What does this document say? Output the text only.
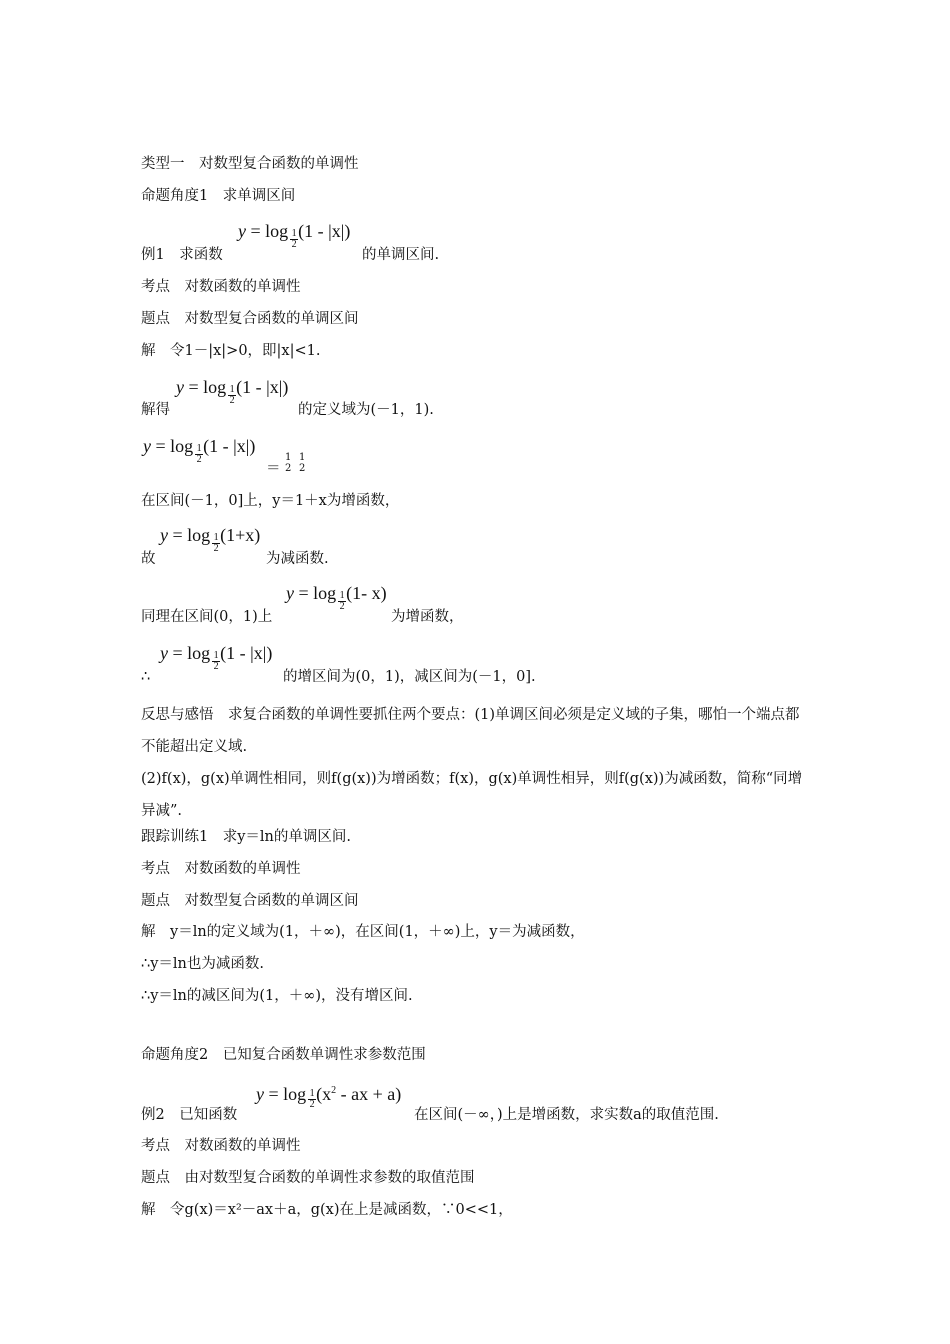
类型一　对数型复合函数的单调性

命题角度1　求单调区间

$y = \log \frac{1}{2} (1 - |x|)$

例1　求函数	的单调区间.

考点　对数函数的单调性

题点　对数型复合函数的单调区间

解　令1－|x|>0，即|x|<1.

$y = \log \frac{1}{2} (1 - |x|)$

解得	的定义域为(－1，1).

$y = \log \frac{1}{2} (1 - |x|)$

＝

1
2
1
2

在区间(－1，0]上，y＝1＋x为增函数，

$y = \log \frac{1}{2} (1+x)$

故	为减函数.

$y = \log \frac{1}{2} (1-$ x)

同理在区间(0，1)上	为增函数，

$y = \log \frac{1}{2} (1 - |x|)$

∴	的增区间为(0，1)，减区间为(－1，0].

反思与感悟　求复合函数的单调性要抓住两个要点：(1)单调区间必须是定义域的子集，哪怕一个端点都不能超出定义域.

(2)f(x)，g(x)单调性相同，则f(g(x))为增函数；f(x)，g(x)单调性相异，则f(g(x))为减函数，简称“同增异减”.

跟踪训练1　求y＝ln的单调区间.

考点　对数函数的单调性

题点　对数型复合函数的单调区间

解　y＝ln的定义域为(1，＋∞)，在区间(1，＋∞)上，y＝为减函数，

∴y＝ln也为减函数.

∴y＝ln的减区间为(1，＋∞)，没有增区间.

命题角度2　已知复合函数单调性求参数范围

$y = \log \frac{1}{2} (x^2$ - ax + a)

例2　已知函数	在区间(－∞，)上是增函数，求实数a的取值范围.

考点　对数函数的单调性

题点　由对数型复合函数的单调性求参数的取值范围

解　令g(x)＝x²－ax＋a，g(x)在上是减函数，∵0<<1，
